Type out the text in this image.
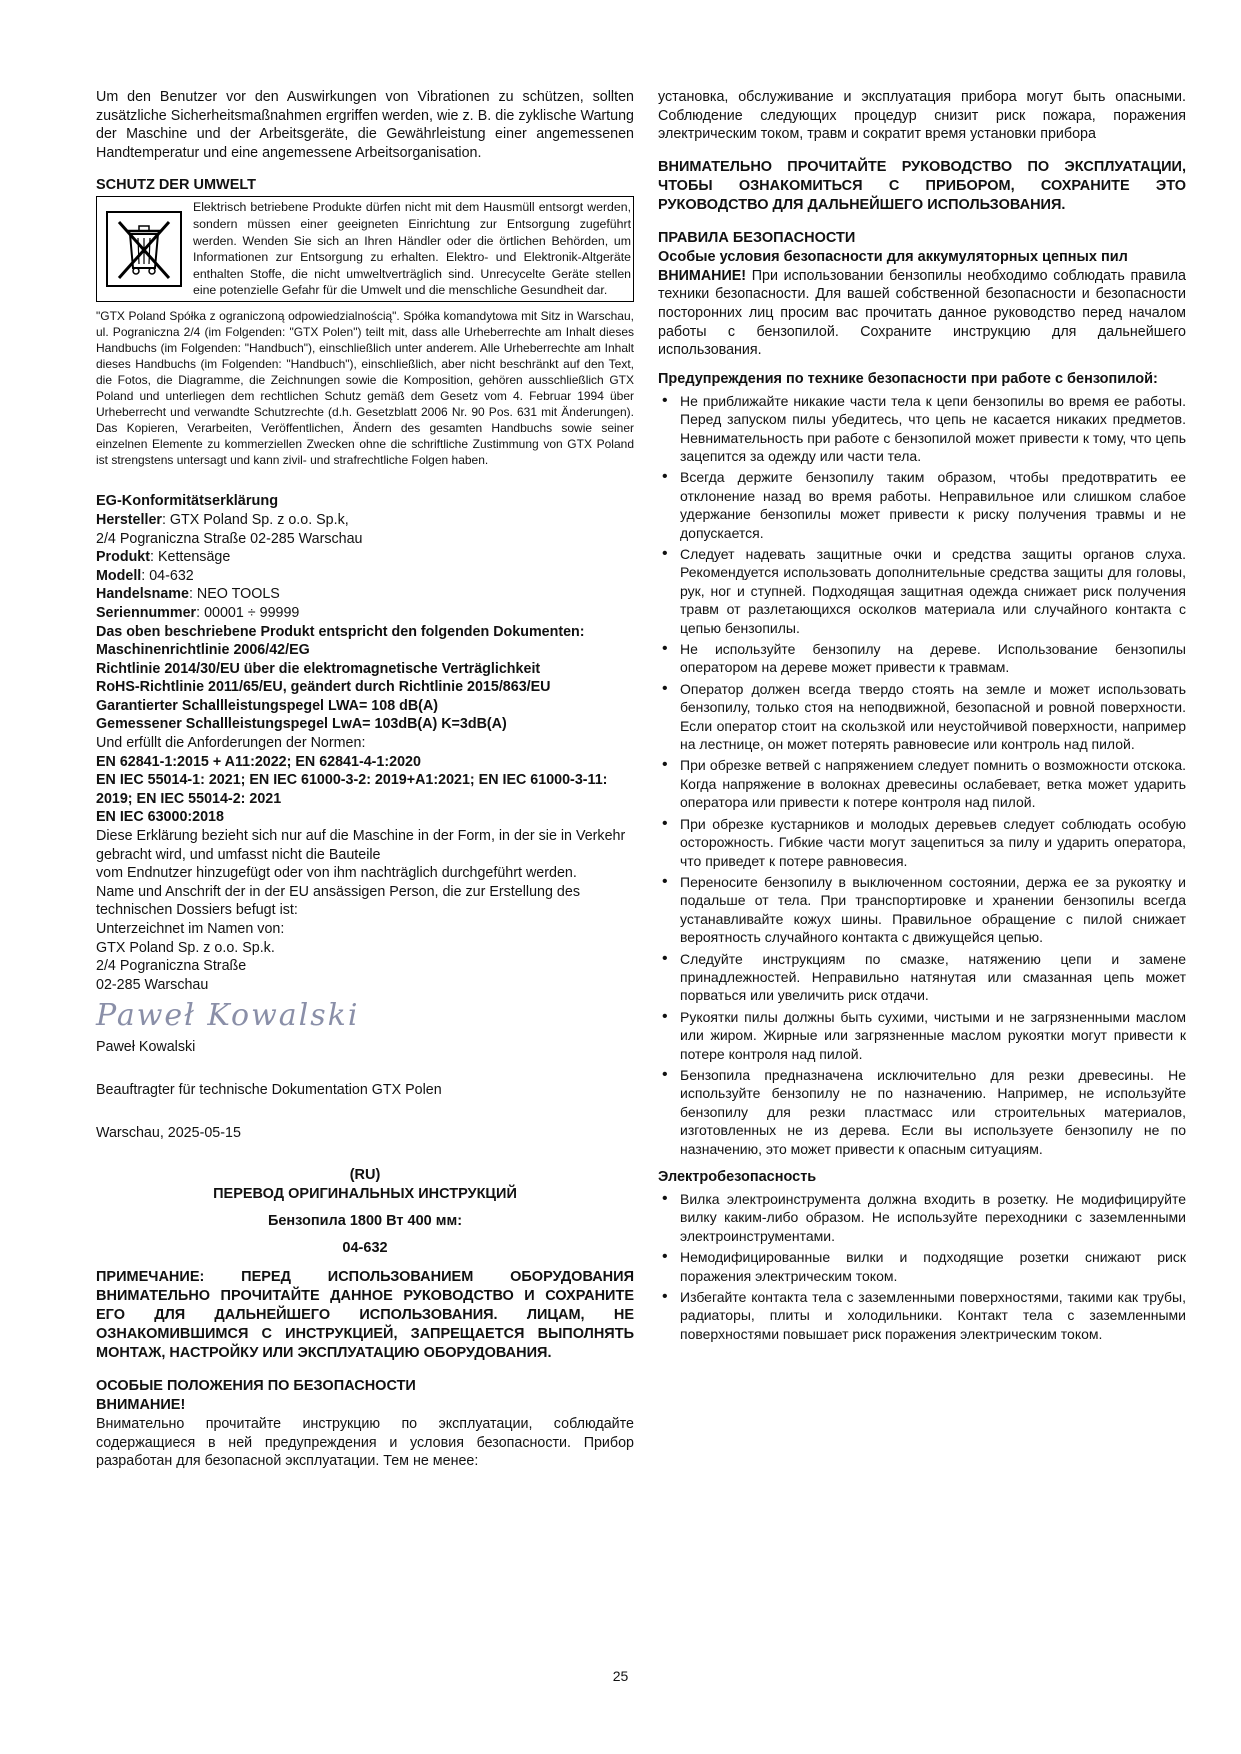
Um den Benutzer vor den Auswirkungen von Vibrationen zu schützen, sollten zusätzliche Sicherheitsmaßnahmen ergriffen werden, wie z. B. die zyklische Wartung der Maschine und der Arbeitsgeräte, die Gewährleistung einer angemessenen Handtemperatur und eine angemessene Arbeitsorganisation.

SCHUTZ DER UMWELT

Elektrisch betriebene Produkte dürfen nicht mit dem Hausmüll entsorgt werden, sondern müssen einer geeigneten Einrichtung zur Entsorgung zugeführt werden. Wenden Sie sich an Ihren Händler oder die örtlichen Behörden, um Informationen zur Entsorgung zu erhalten. Elektro- und Elektronik-Altgeräte enthalten Stoffe, die nicht umweltverträglich sind. Unrecycelte Geräte stellen eine potenzielle Gefahr für die Umwelt und die menschliche Gesundheit dar.

"GTX Poland Spółka z ograniczoną odpowiedzialnością". Spółka komandytowa mit Sitz in Warschau, ul. Pograniczna 2/4 (im Folgenden: "GTX Polen") teilt mit, dass alle Urheberrechte am Inhalt dieses Handbuchs (im Folgenden: "Handbuch"), einschließlich unter anderem. Alle Urheberrechte am Inhalt dieses Handbuchs (im Folgenden: "Handbuch"), einschließlich, aber nicht beschränkt auf den Text, die Fotos, die Diagramme, die Zeichnungen sowie die Komposition, gehören ausschließlich GTX Poland und unterliegen dem rechtlichen Schutz gemäß dem Gesetz vom 4. Februar 1994 über Urheberrecht und verwandte Schutzrechte (d.h. Gesetzblatt 2006 Nr. 90 Pos. 631 mit Änderungen). Das Kopieren, Verarbeiten, Veröffentlichen, Ändern des gesamten Handbuchs sowie seiner einzelnen Elemente zu kommerziellen Zwecken ohne die schriftliche Zustimmung von GTX Poland ist strengstens untersagt und kann zivil- und strafrechtliche Folgen haben.

EG-Konformitätserklärung

Hersteller: GTX Poland Sp. z o.o. Sp.k,

2/4 Pograniczna Straße 02-285 Warschau

Produkt: Kettensäge

Modell: 04-632

Handelsname: NEO TOOLS

Seriennummer: 00001 ÷ 99999

Das oben beschriebene Produkt entspricht den folgenden Dokumenten:

Maschinenrichtlinie 2006/42/EG

Richtlinie 2014/30/EU über die elektromagnetische Verträglichkeit

RoHS-Richtlinie 2011/65/EU, geändert durch Richtlinie 2015/863/EU

Garantierter Schallleistungspegel LWA= 108 dB(A)

Gemessener Schallleistungspegel LwA= 103dB(A) K=3dB(A)

Und erfüllt die Anforderungen der Normen:

EN 62841-1:2015 + A11:2022; EN 62841-4-1:2020

EN IEC 55014-1: 2021; EN IEC 61000-3-2: 2019+A1:2021; EN IEC 61000-3-11: 2019; EN IEC 55014-2: 2021

EN IEC 63000:2018

Diese Erklärung bezieht sich nur auf die Maschine in der Form, in der sie in Verkehr gebracht wird, und umfasst nicht die Bauteile

vom Endnutzer hinzugefügt oder von ihm nachträglich durchgeführt werden.

Name und Anschrift der in der EU ansässigen Person, die zur Erstellung des technischen Dossiers befugt ist:

Unterzeichnet im Namen von:

GTX Poland Sp. z o.o. Sp.k.

2/4 Pograniczna Straße

02-285 Warschau

Paweł Kowalski

Paweł Kowalski

Beauftragter für technische Dokumentation GTX Polen

Warschau, 2025-05-15

(RU)

ПЕРЕВОД ОРИГИНАЛЬНЫХ ИНСТРУКЦИЙ

Бензопила 1800 Вт 400 мм:

04-632

ПРИМЕЧАНИЕ: ПЕРЕД ИСПОЛЬЗОВАНИЕМ ОБОРУДОВАНИЯ ВНИМАТЕЛЬНО ПРОЧИТАЙТЕ ДАННОЕ РУКОВОДСТВО И СОХРАНИТЕ ЕГО ДЛЯ ДАЛЬНЕЙШЕГО ИСПОЛЬЗОВАНИЯ. ЛИЦАМ, НЕ ОЗНАКОМИВШИМСЯ С ИНСТРУКЦИЕЙ, ЗАПРЕЩАЕТСЯ ВЫПОЛНЯТЬ МОНТАЖ, НАСТРОЙКУ ИЛИ ЭКСПЛУАТАЦИЮ ОБОРУДОВАНИЯ.

ОСОБЫЕ ПОЛОЖЕНИЯ ПО БЕЗОПАСНОСТИ

ВНИМАНИЕ!

Внимательно прочитайте инструкцию по эксплуатации, соблюдайте содержащиеся в ней предупреждения и условия безопасности. Прибор разработан для безопасной эксплуатации. Тем не менее:

установка, обслуживание и эксплуатация прибора могут быть опасными. Соблюдение следующих процедур снизит риск пожара, поражения электрическим током, травм и сократит время установки прибора

ВНИМАТЕЛЬНО ПРОЧИТАЙТЕ РУКОВОДСТВО ПО ЭКСПЛУАТАЦИИ, ЧТОБЫ ОЗНАКОМИТЬСЯ С ПРИБОРОМ, СОХРАНИТЕ ЭТО РУКОВОДСТВО ДЛЯ ДАЛЬНЕЙШЕГО ИСПОЛЬЗОВАНИЯ.

ПРАВИЛА БЕЗОПАСНОСТИ

Особые условия безопасности для аккумуляторных цепных пил

ВНИМАНИЕ! При использовании бензопилы необходимо соблюдать правила техники безопасности. Для вашей собственной безопасности и безопасности посторонних лиц просим вас прочитать данное руководство перед началом работы с бензопилой. Сохраните инструкцию для дальнейшего использования.

Предупреждения по технике безопасности при работе с бензопилой:

• Не приближайте никакие части тела к цепи бензопилы во время ее работы. Перед запуском пилы убедитесь, что цепь не касается никаких предметов. Невнимательность при работе с бензопилой может привести к тому, что цепь зацепится за одежду или части тела.
• Всегда держите бензопилу таким образом, чтобы предотвратить ее отклонение назад во время работы. Неправильное или слишком слабое удержание бензопилы может привести к риску получения травмы и не допускается.
• Следует надевать защитные очки и средства защиты органов слуха. Рекомендуется использовать дополнительные средства защиты для головы, рук, ног и ступней. Подходящая защитная одежда снижает риск получения травм от разлетающихся осколков материала или случайного контакта с цепью бензопилы.
• Не используйте бензопилу на дереве. Использование бензопилы оператором на дереве может привести к травмам.
• Оператор должен всегда твердо стоять на земле и может использовать бензопилу, только стоя на неподвижной, безопасной и ровной поверхности. Если оператор стоит на скользкой или неустойчивой поверхности, например на лестнице, он может потерять равновесие или контроль над пилой.
• При обрезке ветвей с напряжением следует помнить о возможности отскока. Когда напряжение в волокнах древесины ослабевает, ветка может ударить оператора или привести к потере контроля над пилой.
• При обрезке кустарников и молодых деревьев следует соблюдать особую осторожность. Гибкие части могут зацепиться за пилу и ударить оператора, что приведет к потере равновесия.
• Переносите бензопилу в выключенном состоянии, держа ее за рукоятку и подальше от тела. При транспортировке и хранении бензопилы всегда устанавливайте кожух шины. Правильное обращение с пилой снижает вероятность случайного контакта с движущейся цепью.
• Следуйте инструкциям по смазке, натяжению цепи и замене принадлежностей. Неправильно натянутая или смазанная цепь может порваться или увеличить риск отдачи.
• Рукоятки пилы должны быть сухими, чистыми и не загрязненными маслом или жиром. Жирные или загрязненные маслом рукоятки могут привести к потере контроля над пилой.
• Бензопила предназначена исключительно для резки древесины. Не используйте бензопилу не по назначению. Например, не используйте бензопилу для резки пластмасс или строительных материалов, изготовленных не из дерева. Если вы используете бензопилу не по назначению, это может привести к опасным ситуациям.

Электробезопасность

• Вилка электроинструмента должна входить в розетку. Не модифицируйте вилку каким-либо образом. Не используйте переходники с заземленными электроинструментами.
• Немодифицированные вилки и подходящие розетки снижают риск поражения электрическим током.
• Избегайте контакта тела с заземленными поверхностями, такими как трубы, радиаторы, плиты и холодильники. Контакт тела с заземленными поверхностями повышает риск поражения электрическим током.
25
